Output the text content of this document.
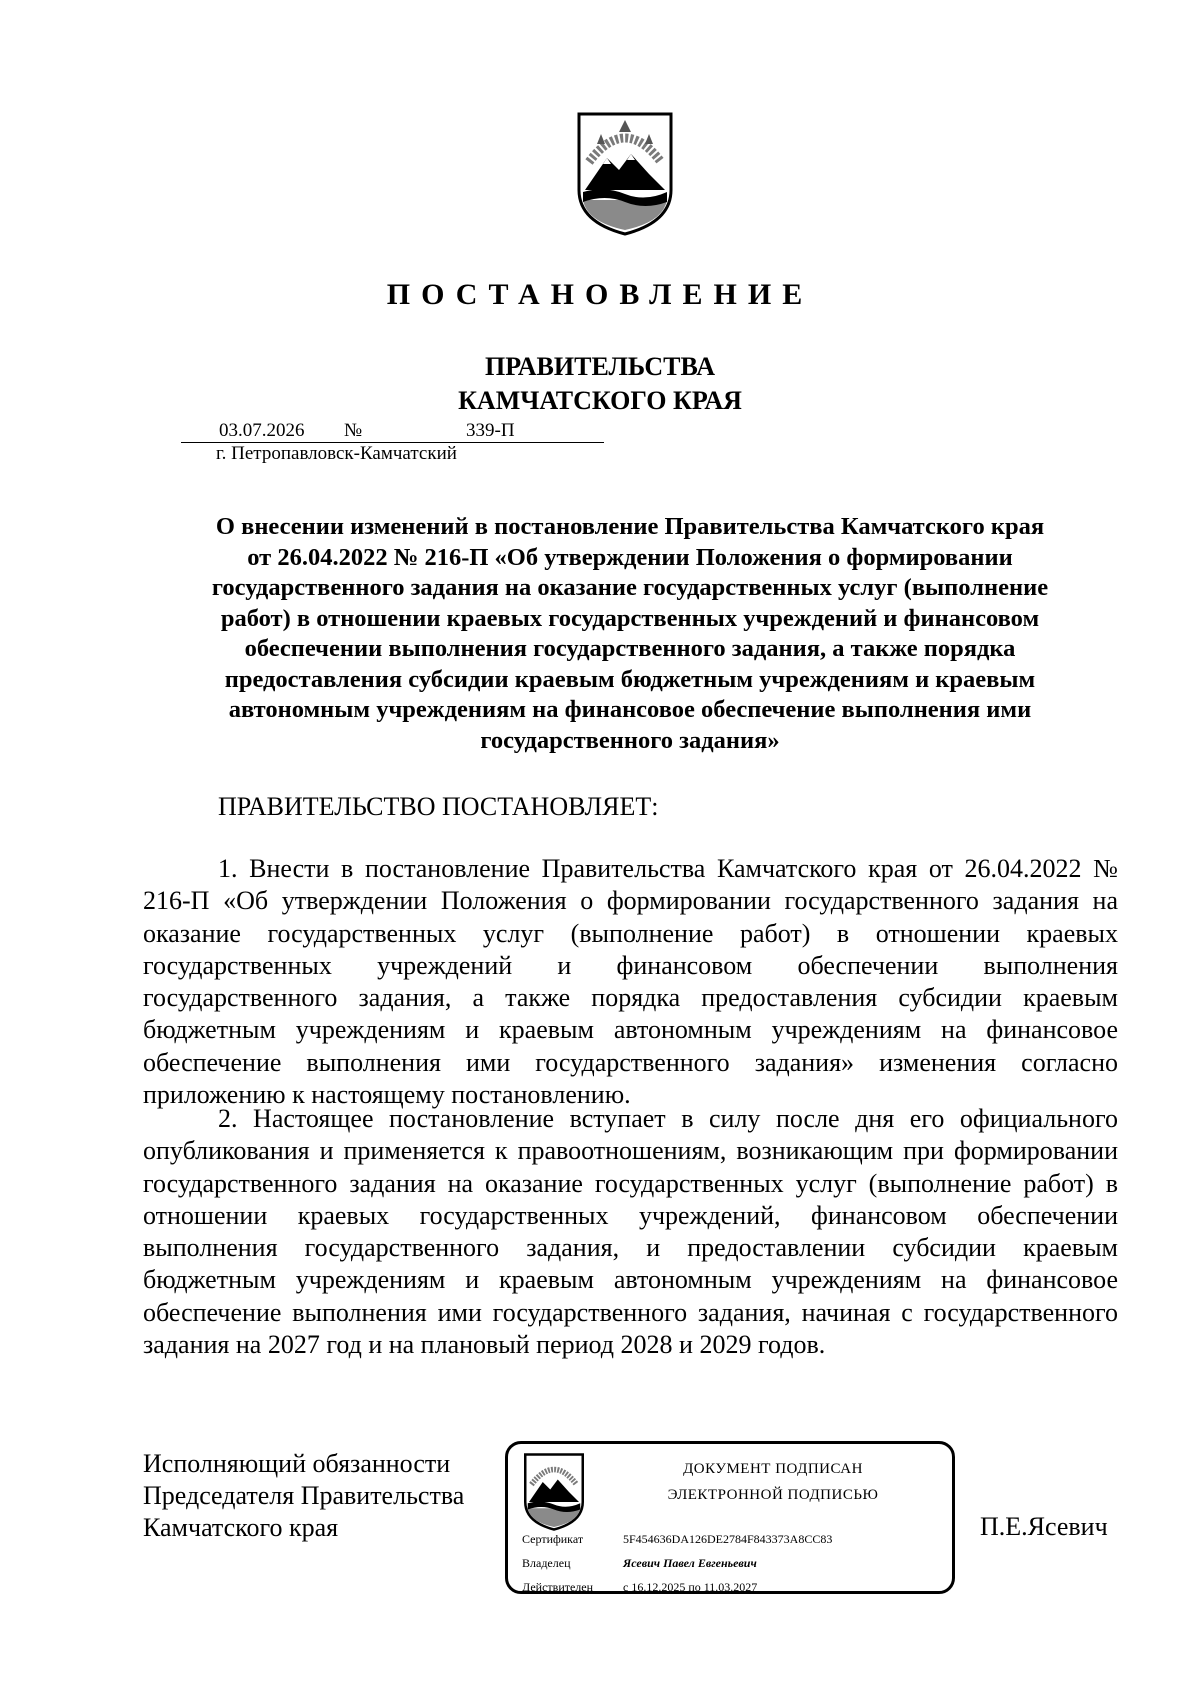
ПОСТАНОВЛЕНИЕ
ПРАВИТЕЛЬСТВА
КАМЧАТСКОГО КРАЯ
03.07.2026 №	339-П
г. Петропавловск-Камчатский
О внесении изменений в постановление Правительства Камчатского края
от 26.04.2022 № 216-П «Об утверждении Положения о формировании
государственного задания на оказание государственных услуг (выполнение
работ) в отношении краевых государственных учреждений и финансовом
обеспечении выполнения государственного задания, а также порядка
предоставления субсидии краевым бюджетным учреждениям и краевым
автономным учреждениям на финансовое обеспечение выполнения ими
государственного задания»
ПРАВИТЕЛЬСТВО ПОСТАНОВЛЯЕТ:

1. Внести в постановление Правительства Камчатского края от 26.04.2022 № 216-П «Об утверждении Положения о формировании государственного задания на оказание государственных услуг (выполнение работ) в отношении краевых государственных учреждений и финансовом обеспечении выполнения государственного задания, а также порядка предоставления субсидии краевым бюджетным учреждениям и краевым автономным учреждениям на финансовое обеспечение выполнения ими государственного задания» изменения согласно приложению к настоящему постановлению.

2. Настоящее постановление вступает в силу после дня его официального опубликования и применяется к правоотношениям, возникающим при формировании государственного задания на оказание государственных услуг (выполнение работ) в отношении краевых государственных учреждений, финансовом обеспечении выполнения государственного задания, и предоставлении субсидии краевым бюджетным учреждениям и краевым автономным учреждениям на финансовое обеспечение выполнения ими государственного задания, начиная с государственного задания на 2027 год и на плановый период 2028 и 2029 годов.

Исполняющий обязанности
Председателя Правительства
Камчатского края
ДОКУМЕНТ ПОДПИСАН
ЭЛЕКТРОННОЙ ПОДПИСЬЮ
Сертификат	5F454636DA126DE2784F843373A8CC83
Владелец	Ясевич Павел Евгеньевич
Действителен с 16.12.2025 по 11.03.2027
П.Е.Ясевич
